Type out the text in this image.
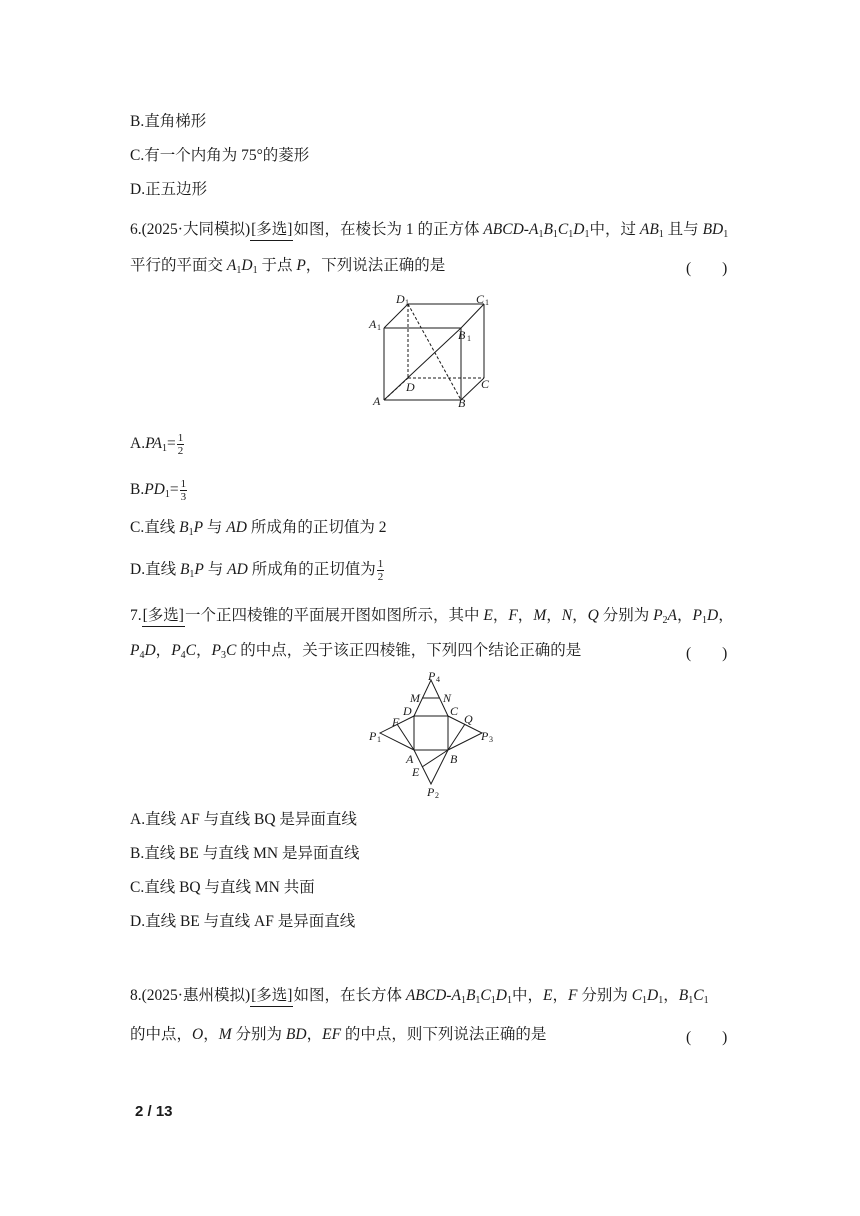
B.直角梯形
C.有一个内角为 75°的菱形
D.正五边形
6.(2025·大同模拟)[多选]如图，在棱长为 1 的正方体 ABCD-$A_1B_1C_1D_1$中，过 $AB_1$ 且与 $BD_1$
平行的平面交 $A_1D_1$ 于点 P，下列说法正确的是	(　　)
D 1	C 1
A 1
B 1
D	C
A	B
$A.PA_1= \frac{1}{2}$
$B.PD_1= \frac{1}{3}$
C.直线 $B_1P$ 与 AD 所成角的正切值为 2
D.直线 $B_1P$ 与 AD 所成角的正切值为 $\frac{1}{2}$
7.[多选]一个正四棱锥的平面展开图如图所示，其中 E，F，M，N，Q 分别为 $P_2A$，$P_1D$，
$P_4D$，$P_4C$，$P_3C$ 的中点，关于该正四棱锥，下列四个结论正确的是	(　　)
P 4
M N
D	C
F	Q
P 1	P 3
A	B
E
P 2
A.直线 AF 与直线 BQ 是异面直线
B.直线 BE 与直线 MN 是异面直线
C.直线 BQ 与直线 MN 共面
D.直线 BE 与直线 AF 是异面直线
8.(2025·惠州模拟)[多选]如图，在长方体 ABCD-$A_1B_1C_1D_1$中，E，F 分别为 $C_1D_1$，$B_1C_1$
的中点，O，M 分别为 BD，EF 的中点，则下列说法正确的是	(　　)
2 / 13
